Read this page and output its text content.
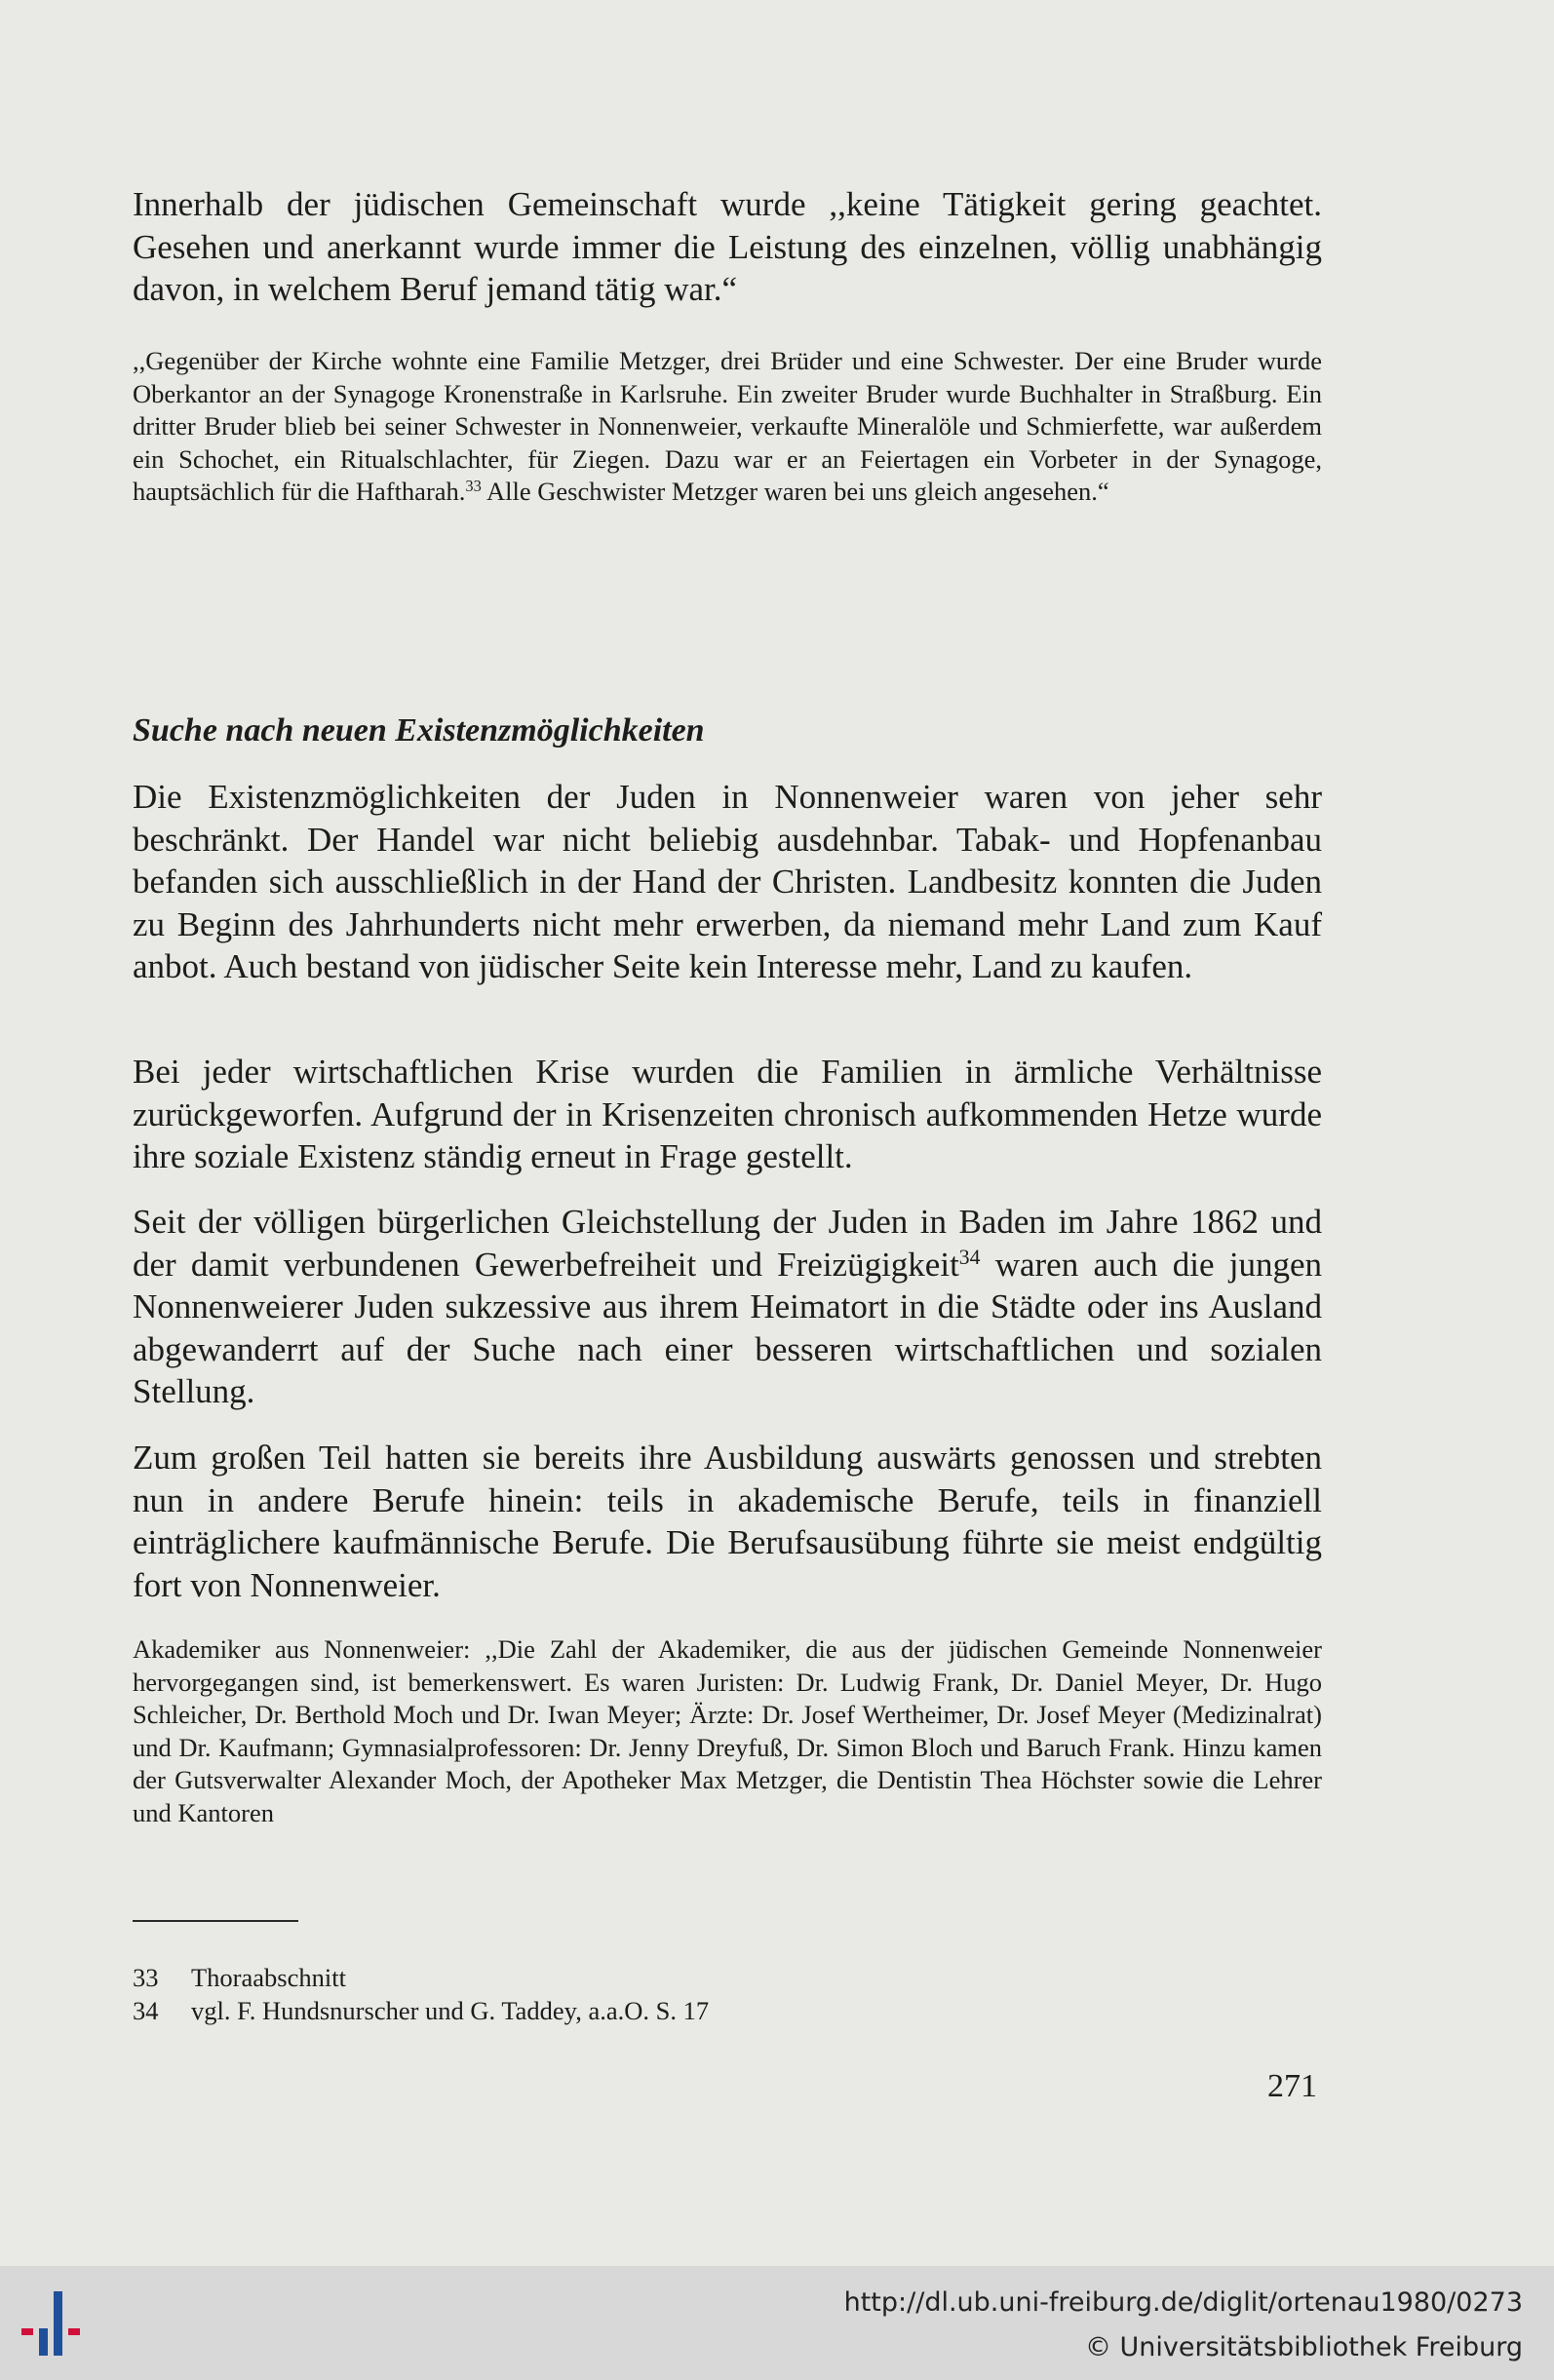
Innerhalb der jüdischen Gemeinschaft wurde ,,keine Tätigkeit gering geachtet. Gesehen und anerkannt wurde immer die Leistung des einzelnen, völlig unabhängig davon, in welchem Beruf jemand tätig war.“

,,Gegenüber der Kirche wohnte eine Familie Metzger, drei Brüder und eine Schwester. Der eine Bruder wurde Oberkantor an der Synagoge Kronenstraße in Karlsruhe. Ein zweiter Bruder wurde Buchhalter in Straßburg. Ein dritter Bruder blieb bei seiner Schwester in Nonnenweier, verkaufte Mineralöle und Schmierfette, war außerdem ein Schochet, ein Ritualschlachter, für Ziegen. Dazu war er an Feiertagen ein Vorbeter in der Synagoge, hauptsächlich für die Haftharah.$^{33}$ Alle Geschwister Metzger waren bei uns gleich angesehen.“

Suche nach neuen Existenzmöglichkeiten

Die Existenzmöglichkeiten der Juden in Nonnenweier waren von jeher sehr beschränkt. Der Handel war nicht beliebig ausdehnbar. Tabak- und Hopfenanbau befanden sich ausschließlich in der Hand der Christen. Landbesitz konnten die Juden zu Beginn des Jahrhunderts nicht mehr erwerben, da niemand mehr Land zum Kauf anbot. Auch bestand von jüdischer Seite kein Interesse mehr, Land zu kaufen.

Bei jeder wirtschaftlichen Krise wurden die Familien in ärmliche Verhältnisse zurückgeworfen. Aufgrund der in Krisenzeiten chronisch aufkommenden Hetze wurde ihre soziale Existenz ständig erneut in Frage gestellt.

Seit der völligen bürgerlichen Gleichstellung der Juden in Baden im Jahre 1862 und der damit verbundenen Gewerbefreiheit und Freizügigkeit$^{34}$ waren auch die jungen Nonnenweierer Juden sukzessive aus ihrem Heimatort in die Städte oder ins Ausland abgewanderrt auf der Suche nach einer besseren wirtschaftlichen und sozialen Stellung.

Zum großen Teil hatten sie bereits ihre Ausbildung auswärts genossen und strebten nun in andere Berufe hinein: teils in akademische Berufe, teils in finanziell einträglichere kaufmännische Berufe. Die Berufsausübung führte sie meist endgültig fort von Nonnenweier.

Akademiker aus Nonnenweier: ,,Die Zahl der Akademiker, die aus der jüdischen Gemeinde Nonnenweier hervorgegangen sind, ist bemerkenswert. Es waren Juristen: Dr. Ludwig Frank, Dr. Daniel Meyer, Dr. Hugo Schleicher, Dr. Berthold Moch und Dr. Iwan Meyer; Ärzte: Dr. Josef Wertheimer, Dr. Josef Meyer (Medizinalrat) und Dr. Kaufmann; Gymnasialprofessoren: Dr. Jenny Dreyfuß, Dr. Simon Bloch und Baruch Frank. Hinzu kamen der Gutsverwalter Alexander Moch, der Apotheker Max Metzger, die Dentistin Thea Höchster sowie die Lehrer und Kantoren

33 Thoraabschnitt
34 vgl. F. Hundsnurscher und G. Taddey, a.a.O. S. 17
271
http://dl.ub.uni-freiburg.de/diglit/ortenau1980/0273
© Universitätsbibliothek Freiburg
